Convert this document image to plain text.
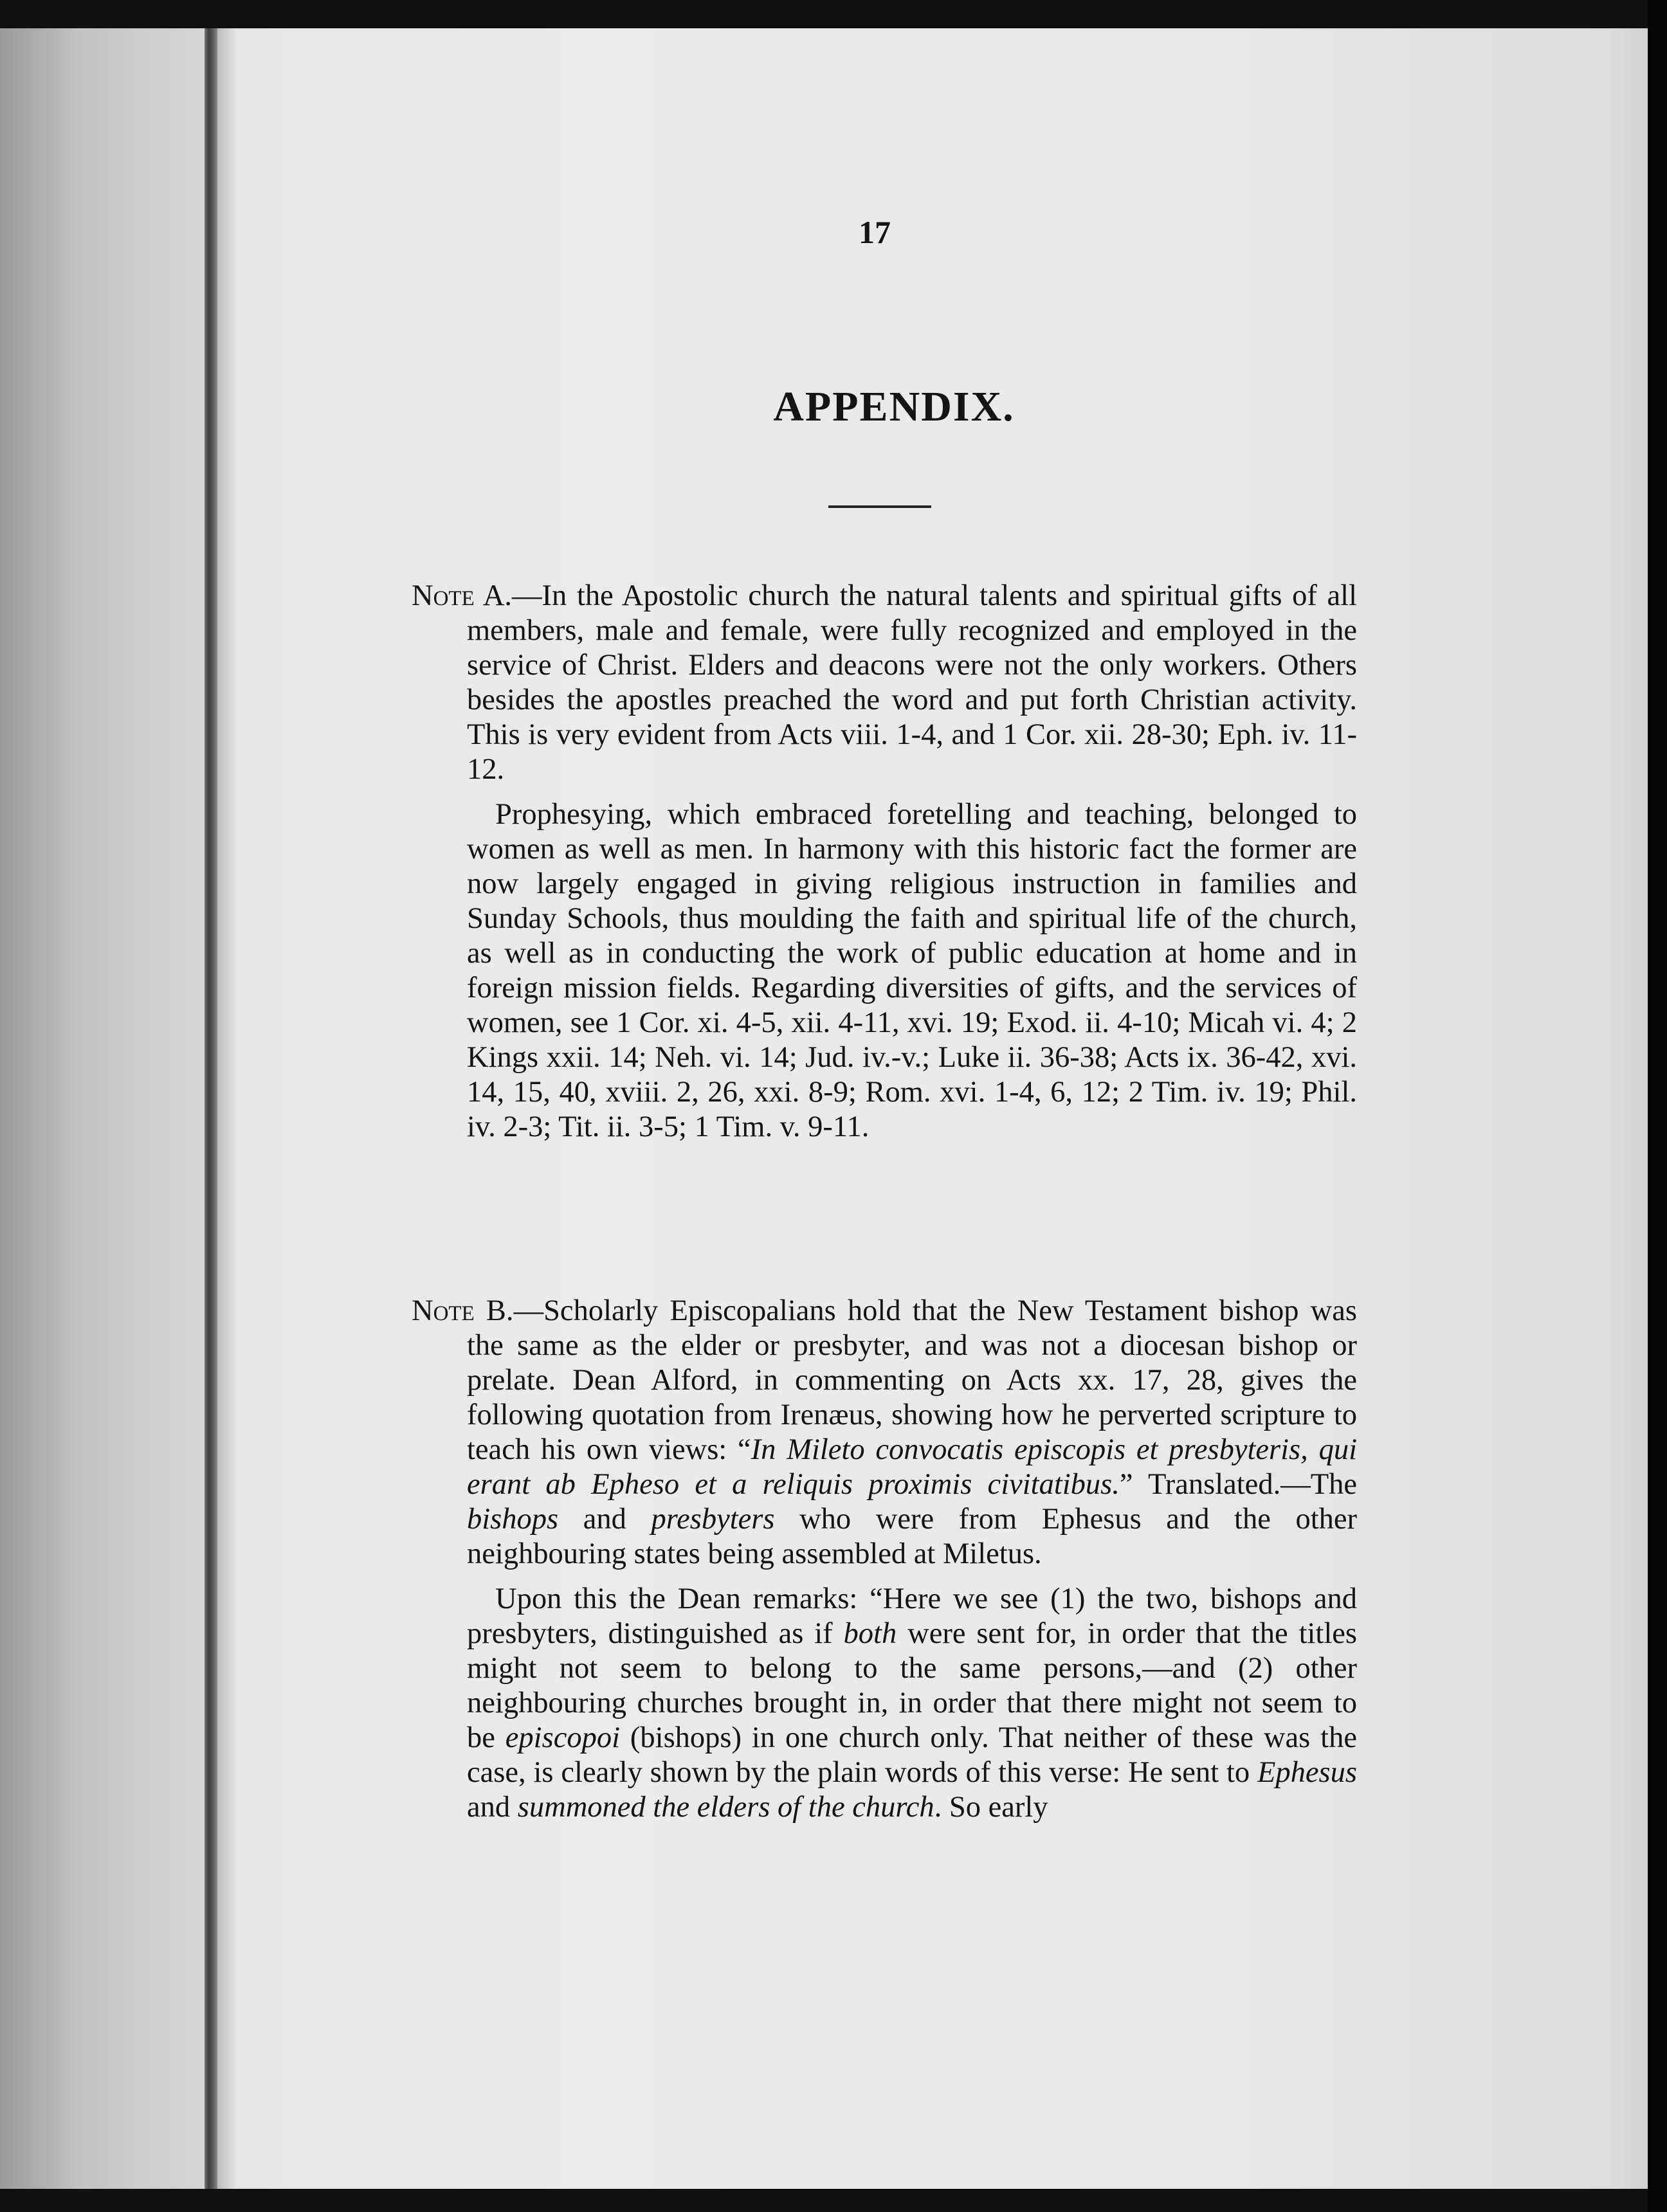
17
APPENDIX.

Note A.—In the Apostolic church the natural talents and spiritual gifts of all members, male and female, were fully recognized and employed in the service of Christ. Elders and deacons were not the only workers. Others besides the apostles preached the word and put forth Christian activity. This is very evident from Acts viii. 1-4, and 1 Cor. xii. 28-30; Eph. iv. 11-12.

Prophesying, which embraced foretelling and teaching, belonged to women as well as men. In harmony with this historic fact the former are now largely engaged in giving religious instruction in families and Sunday Schools, thus moulding the faith and spiritual life of the church, as well as in conducting the work of public education at home and in foreign mission fields. Regarding diversities of gifts, and the services of women, see 1 Cor. xi. 4-5, xii. 4-11, xvi. 19; Exod. ii. 4-10; Micah vi. 4; 2 Kings xxii. 14; Neh. vi. 14; Jud. iv.-v.; Luke ii. 36-38; Acts ix. 36-42, xvi. 14, 15, 40, xviii. 2, 26, xxi. 8-9; Rom. xvi. 1-4, 6, 12; 2 Tim. iv. 19; Phil. iv. 2-3; Tit. ii. 3-5; 1 Tim. v. 9-11.

Note B.—Scholarly Episcopalians hold that the New Testament bishop was the same as the elder or presbyter, and was not a diocesan bishop or prelate. Dean Alford, in commenting on Acts xx. 17, 28, gives the following quotation from Irenæus, showing how he perverted scripture to teach his own views: “In Mileto convocatis episcopis et presbyteris, qui erant ab Epheso et a reliquis proximis civitatibus.” Translated.—The bishops and presbyters who were from Ephesus and the other neighbouring states being assembled at Miletus.

Upon this the Dean remarks: “Here we see (1) the two, bishops and presbyters, distinguished as if both were sent for, in order that the titles might not seem to belong to the same persons,—and (2) other neighbouring churches brought in, in order that there might not seem to be episcopoi (bishops) in one church only. That neither of these was the case, is clearly shown by the plain words of this verse: He sent to Ephesus and summoned the elders of the church. So early
